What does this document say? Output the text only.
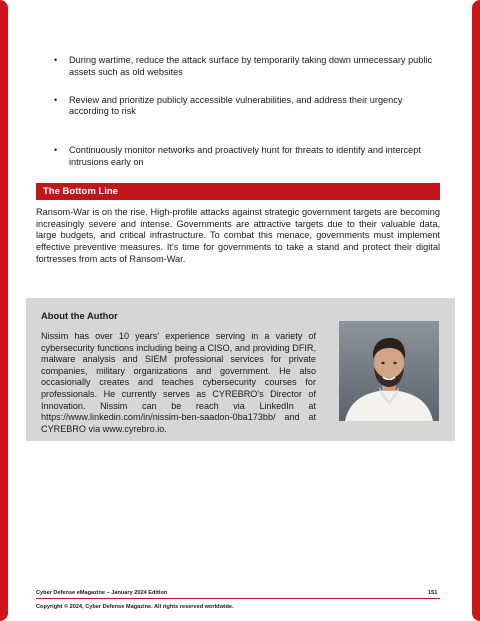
• During wartime, reduce the attack surface by temporarily taking down unnecessary public assets such as old websites
• Review and prioritize publicly accessible vulnerabilities, and address their urgency according to risk
• Continuously monitor networks and proactively hunt for threats to identify and intercept intrusions early on
The Bottom Line

Ransom-War is on the rise. High-profile attacks against strategic government targets are becoming increasingly severe and intense. Governments are attractive targets due to their valuable data, large budgets, and critical infrastructure. To combat this menace, governments must implement effective preventive measures. It's time for governments to take a stand and protect their digital fortresses from acts of Ransom-War.

About the Author

Nissim has over 10 years' experience serving in a variety of cybersecurity functions including being a CISO, and providing DFIR, malware analysis and SIEM professional services for private companies, military organizations and government. He also occasionally creates and teaches cybersecurity courses for professionals. He currently serves as CYREBRO's Director of Innovation. Nissim can be reach via LinkedIn at https://www.linkedin.com/in/nissim-ben-saadon-0ba173bb/ and at CYREBRO via www.cyrebro.io.

Cyber Defense eMagazine – January 2024 Edition	151
Copyright © 2024, Cyber Defense Magazine. All rights reserved worldwide.
